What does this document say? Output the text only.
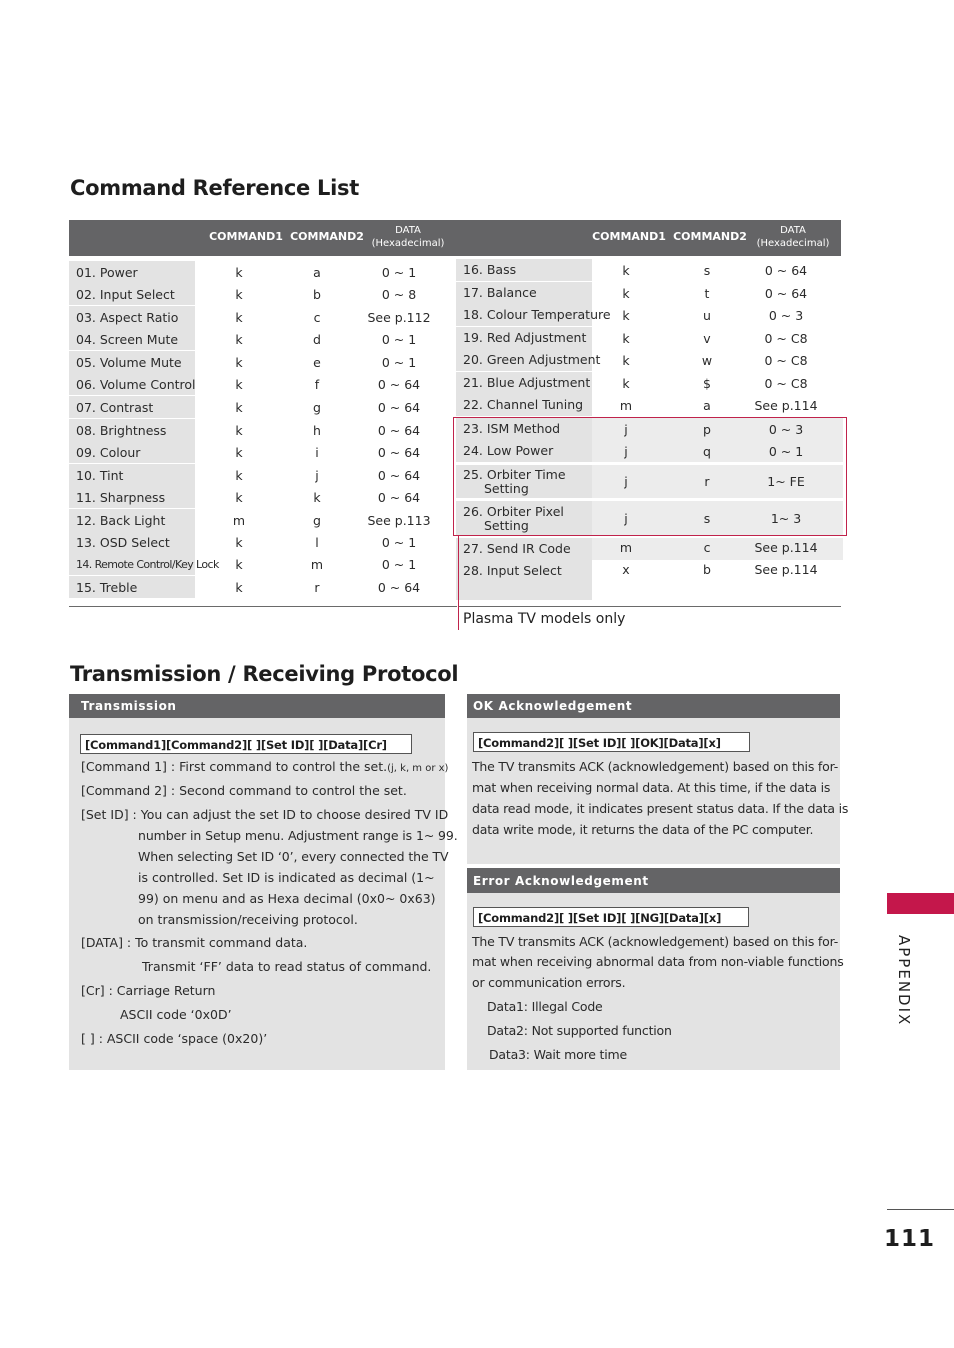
Command Reference List
Transmission / Receiving Protocol
COMMAND1 COMMAND2	DATA
(Hexadecimal)
COMMAND1 COMMAND2	DATA
(Hexadecimal)
01. Power	k	a	0 ~ 1
02. Input Select	k	b	0 ~ 8
03. Aspect Ratio	k	c	See p.112
04. Screen Mute	k	d	0 ~ 1
05. Volume Mute	k	e	0 ~ 1
06. Volume Control	k	f	0 ~ 64
07. Contrast	k	g	0 ~ 64
08. Brightness	k	h	0 ~ 64
09. Colour	k	i	0 ~ 64
10. Tint	k	j	0 ~ 64
11. Sharpness	k	k	0 ~ 64
12. Back Light	m	g	See p.113
13. OSD Select	k	l	0 ~ 1
14. Remote Control/Key Lock	k	m	0 ~ 1
15. Treble	k	r	0 ~ 64
16. Bass	k	s	0 ~ 64
17. Balance	k	t	0 ~ 64
18. Colour Temperature k	u	0 ~ 3
19. Red Adjustment	k	v	0 ~ C8
20. Green Adjustment	k	w	0 ~ C8
21. Blue Adjustment	k	$	0 ~ C8
22. Channel Tuning	m	a	See p.114
23. ISM Method	j	p	0 ~ 3
24. Low Power	j	q	0 ~ 1
25. Orbiter Time
Setting	j	r	1~ FE
26. Orbiter Pixel
Setting	j	s	1~ 3
27. Send IR Code	m	c	See p.114
28. Input Select	x	b	See p.114
Plasma TV models only
Transmission
[Command1][Command2][ ][Set ID][ ][Data][Cr]
[Command 1] : First command to control the set.(j, k, m or x)
[Command 2] : Second command to control the set.
[Set ID] : You can adjust the set ID to choose desired TV ID
number in Setup menu. Adjustment range is 1~ 99.
When selecting Set ID ‘0’, every connected the TV
is controlled. Set ID is indicated as decimal (1~
99) on menu and as Hexa decimal (0x0~ 0x63)
on transmission/receiving protocol.
[DATA] : To transmit command data.
Transmit ‘FF’ data to read status of command.
[Cr] : Carriage Return
ASCII code ‘0x0D’
[ ] : ASCII code ‘space (0x20)’
OK Acknowledgement
[Command2][ ][Set ID][ ][OK][Data][x]
The TV transmits ACK (acknowledgement) based on this for-
mat when receiving normal data. At this time, if the data is
data read mode, it indicates present status data. If the data is
data write mode, it returns the data of the PC computer.
Error Acknowledgement
[Command2][ ][Set ID][ ][NG][Data][x]
The TV transmits ACK (acknowledgement) based on this for-
mat when receiving abnormal data from non-viable functions
or communication errors.
Data1: Illegal Code
Data2: Not supported function
Data3: Wait more time
APPENDIX
111
